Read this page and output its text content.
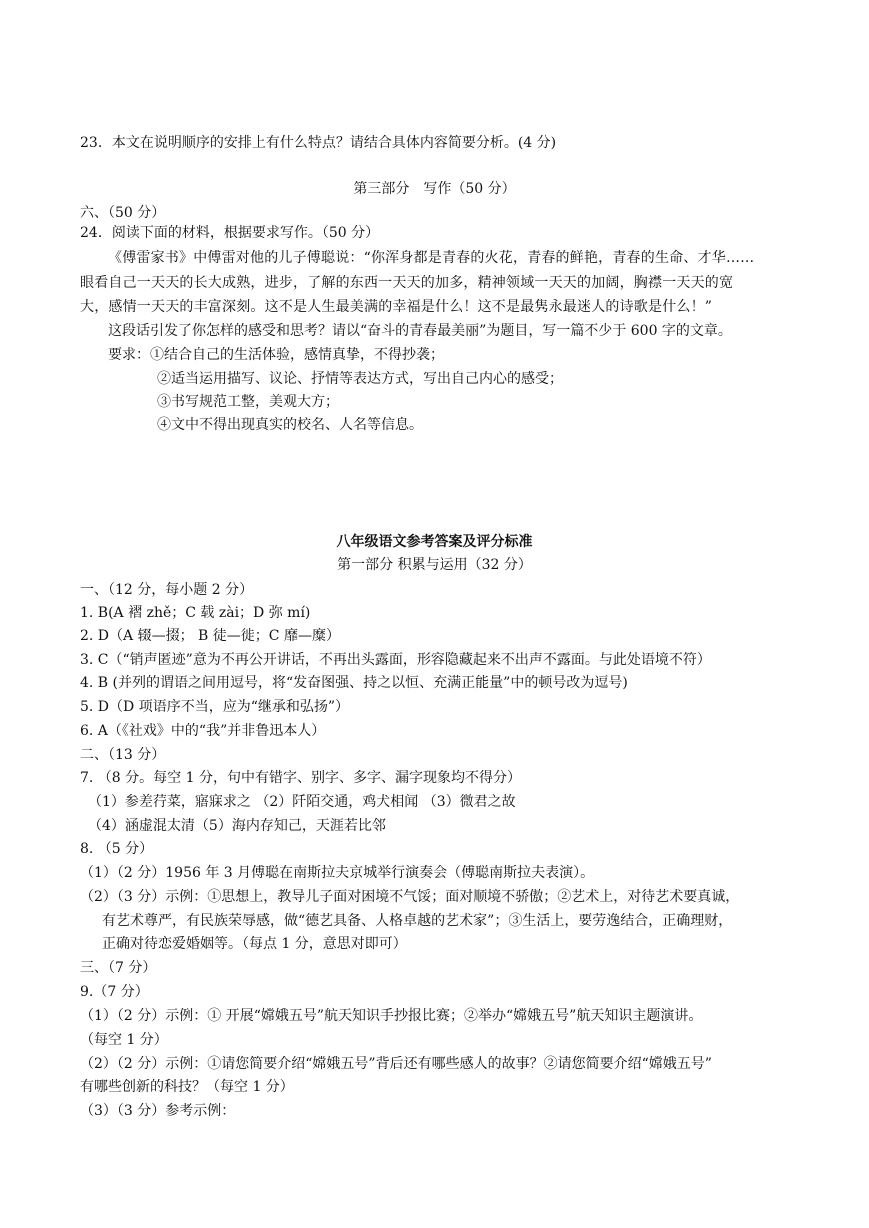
23．本文在说明顺序的安排上有什么特点？请结合具体内容简要分析。(4 分)
第三部分　写作（50 分）
六、（50 分）
24．阅读下面的材料，根据要求写作。（50 分）
《傅雷家书》中傅雷对他的儿子傅聪说：“你浑身都是青春的火花，青春的鲜艳，青春的生命、才华……
眼看自己一天天的长大成熟，进步，了解的东西一天天的加多，精神领域一天天的加阔，胸襟一天天的宽
大，感情一天天的丰富深刻。这不是人生最美满的幸福是什么！这不是最隽永最迷人的诗歌是什么！”
这段话引发了你怎样的感受和思考？请以“奋斗的青春最美丽”为题目，写一篇不少于 600 字的文章。
要求：①结合自己的生活体验，感情真挚，不得抄袭；
②适当运用描写、议论、抒情等表达方式，写出自己内心的感受；
③书写规范工整，美观大方；
④文中不得出现真实的校名、人名等信息。
八年级语文参考答案及评分标准
第一部分 积累与运用（32 分）
一、（12 分，每小题 2 分）
1. B(A 褶 zhě；C 载 zài；D 弥 mí)
2. D（A 辍—掇； B 徒—徙；C 靡—糜）
3. C（“销声匿迹”意为不再公开讲话，不再出头露面，形容隐藏起来不出声不露面。与此处语境不符）
4. B (并列的谓语之间用逗号，将“发奋图强、持之以恒、充满正能量”中的顿号改为逗号)
5. D（D 项语序不当，应为“继承和弘扬”）
6. A（《社戏》中的“我”并非鲁迅本人）
二、（13 分）
7. （8 分。每空 1 分，句中有错字、别字、多字、漏字现象均不得分）
（1）参差荇菜，寤寐求之 （2）阡陌交通，鸡犬相闻 （3）微君之故
（4）涵虚混太清（5）海内存知己，天涯若比邻
8. （5 分）
（1）（2 分）1956 年 3 月傅聪在南斯拉夫京城举行演奏会（傅聪南斯拉夫表演）。
（2）（3 分）示例：①思想上，教导儿子面对困境不气馁；面对顺境不骄傲；②艺术上，对待艺术要真诚，
有艺术尊严，有民族荣辱感，做“德艺具备、人格卓越的艺术家”；③生活上，要劳逸结合，正确理财，
正确对待恋爱婚姻等。（每点 1 分，意思对即可）
三、（7 分）
9.（7 分）
（1）（2 分）示例：① 开展“嫦娥五号”航天知识手抄报比赛；②举办“嫦娥五号”航天知识主题演讲。
（每空 1 分）
（2）（2 分）示例：①请您简要介绍“嫦娥五号”背后还有哪些感人的故事？②请您简要介绍“嫦娥五号”
有哪些创新的科技？（每空 1 分）
（3）（3 分）参考示例：
